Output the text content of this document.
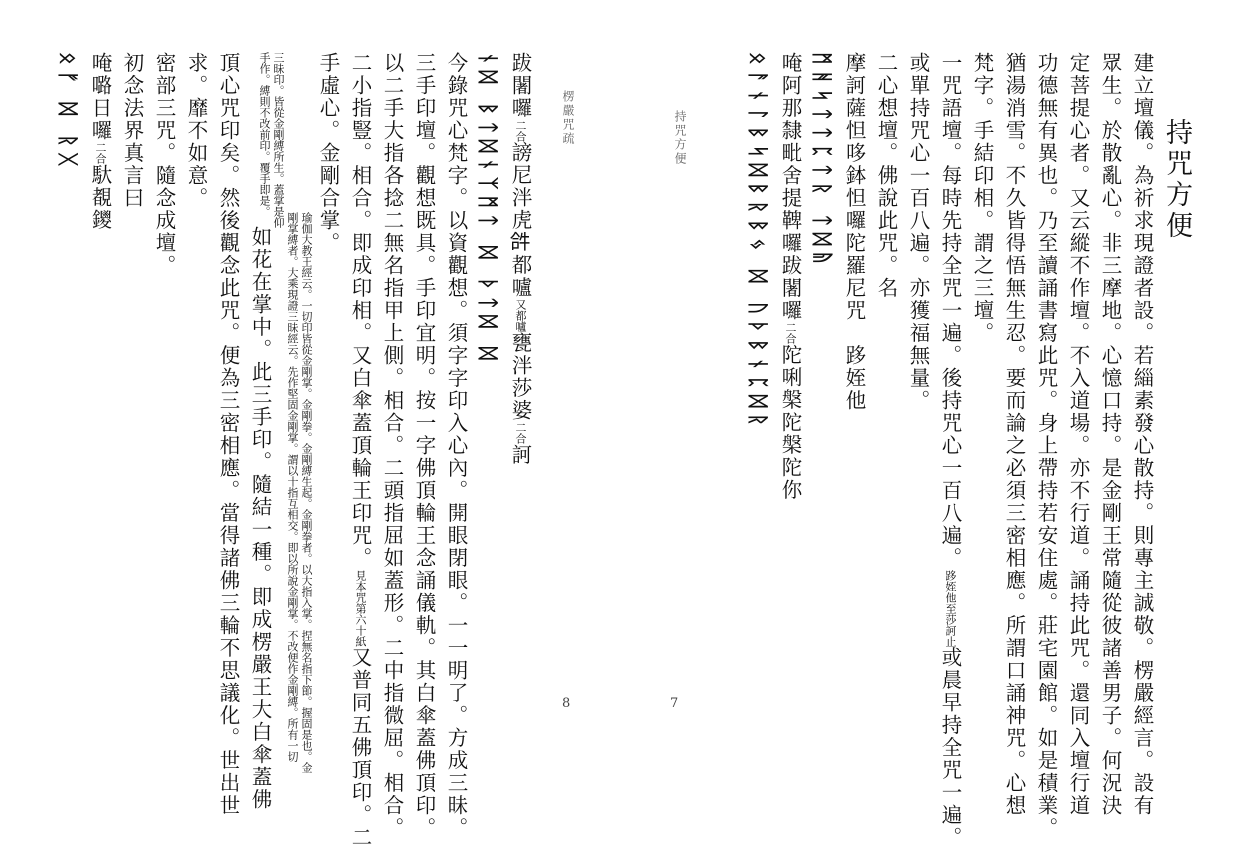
持咒方便
建立壇儀。為祈求現證者設。若緇素發心散持。則專主誠敬。楞嚴經言。設有
眾生。於散亂心。非三摩地。心憶口持。是金剛王常隨從彼諸善男子。何況決
定菩提心者。又云縱不作壇。不入道場。亦不行道。誦持此咒。還同入壇行道
功德無有異也。乃至讀誦書寫此咒。身上帶持若安住處。莊宅園館。如是積業。
猶湯消雪。不久皆得悟無生忍。要而論之必須三密相應。所謂口誦神咒。心想
梵字。手結印相。謂之三壇。
一咒語壇。每時先持全咒一遍。後持咒心一百八遍。跢姪他至莎訶止或晨早持全咒一遍。
或單持咒心一百八遍。亦獲福無量。
二心想壇。佛說此咒。名
摩訶薩怛哆鉢怛囉陀羅尼咒　跢姪他
ᛗᚻᛋᛏᛏᛈᛏᚱ ᛏᛞᚥ
唵阿那隸毗舍提鞞囉跋闍囉二合陀唎槃陀槃陀你
ᛟᚨᚾᛚᛒᛋᛞᛒᚱᛒᛃ ᛞ ᚢᚦᛒᚾᛈᛞᚱ
持咒方便
7
楞嚴咒疏
8
跋闍囉二合謗尼泮虎𤙖都嚧又都嚧甕泮莎婆二合訶
ᚾᛞ ᛒᛏᛞᚾᛉᛗᛏ ᛞ ᚦᛏᛞ ᛞ
今錄咒心梵字。以資觀想。須字字印入心內。開眼閉眼。一一明了。方成三昧。
三手印壇。觀想既具。手印宜明。按一字佛頂輪王念誦儀軌。其白傘蓋佛頂印。
以二手大指各捻二無名指甲上側。相合。二頭指屈如蓋形。二中指微屈。相合。
二小指豎。相合。即成印相。又白傘蓋頂輪王印咒。見本咒第六十紙又普同五佛頂印。二
手虛心。金剛合掌。
瑜伽大教王經云。一切印皆從金剛掌。金剛拳。金剛縛生起。金剛拳者。以大指入掌。捏無名指下節。握固是也。金
剛掌縛者。大乘現證三昧經云。先作堅固金剛掌。謂以十指互相交。即以所說金剛掌。不改便作金剛縛。所有一切
三昧印。皆從金剛縛所生。蓋掌是仰
手作。縛則不改前印。覆手即是。
如花在掌中。此三手印。隨結一種。即成楞嚴王大白傘蓋佛
頂心咒印矣。然後觀念此咒。便為三密相應。當得諸佛三輪不思議化。世出世
求。靡不如意。
密部三咒。隨念成壇。
初念法界真言曰
唵𡀔日囉二合馱覩鑁
ᛟᚠ ᛞ ᚱᚷ
